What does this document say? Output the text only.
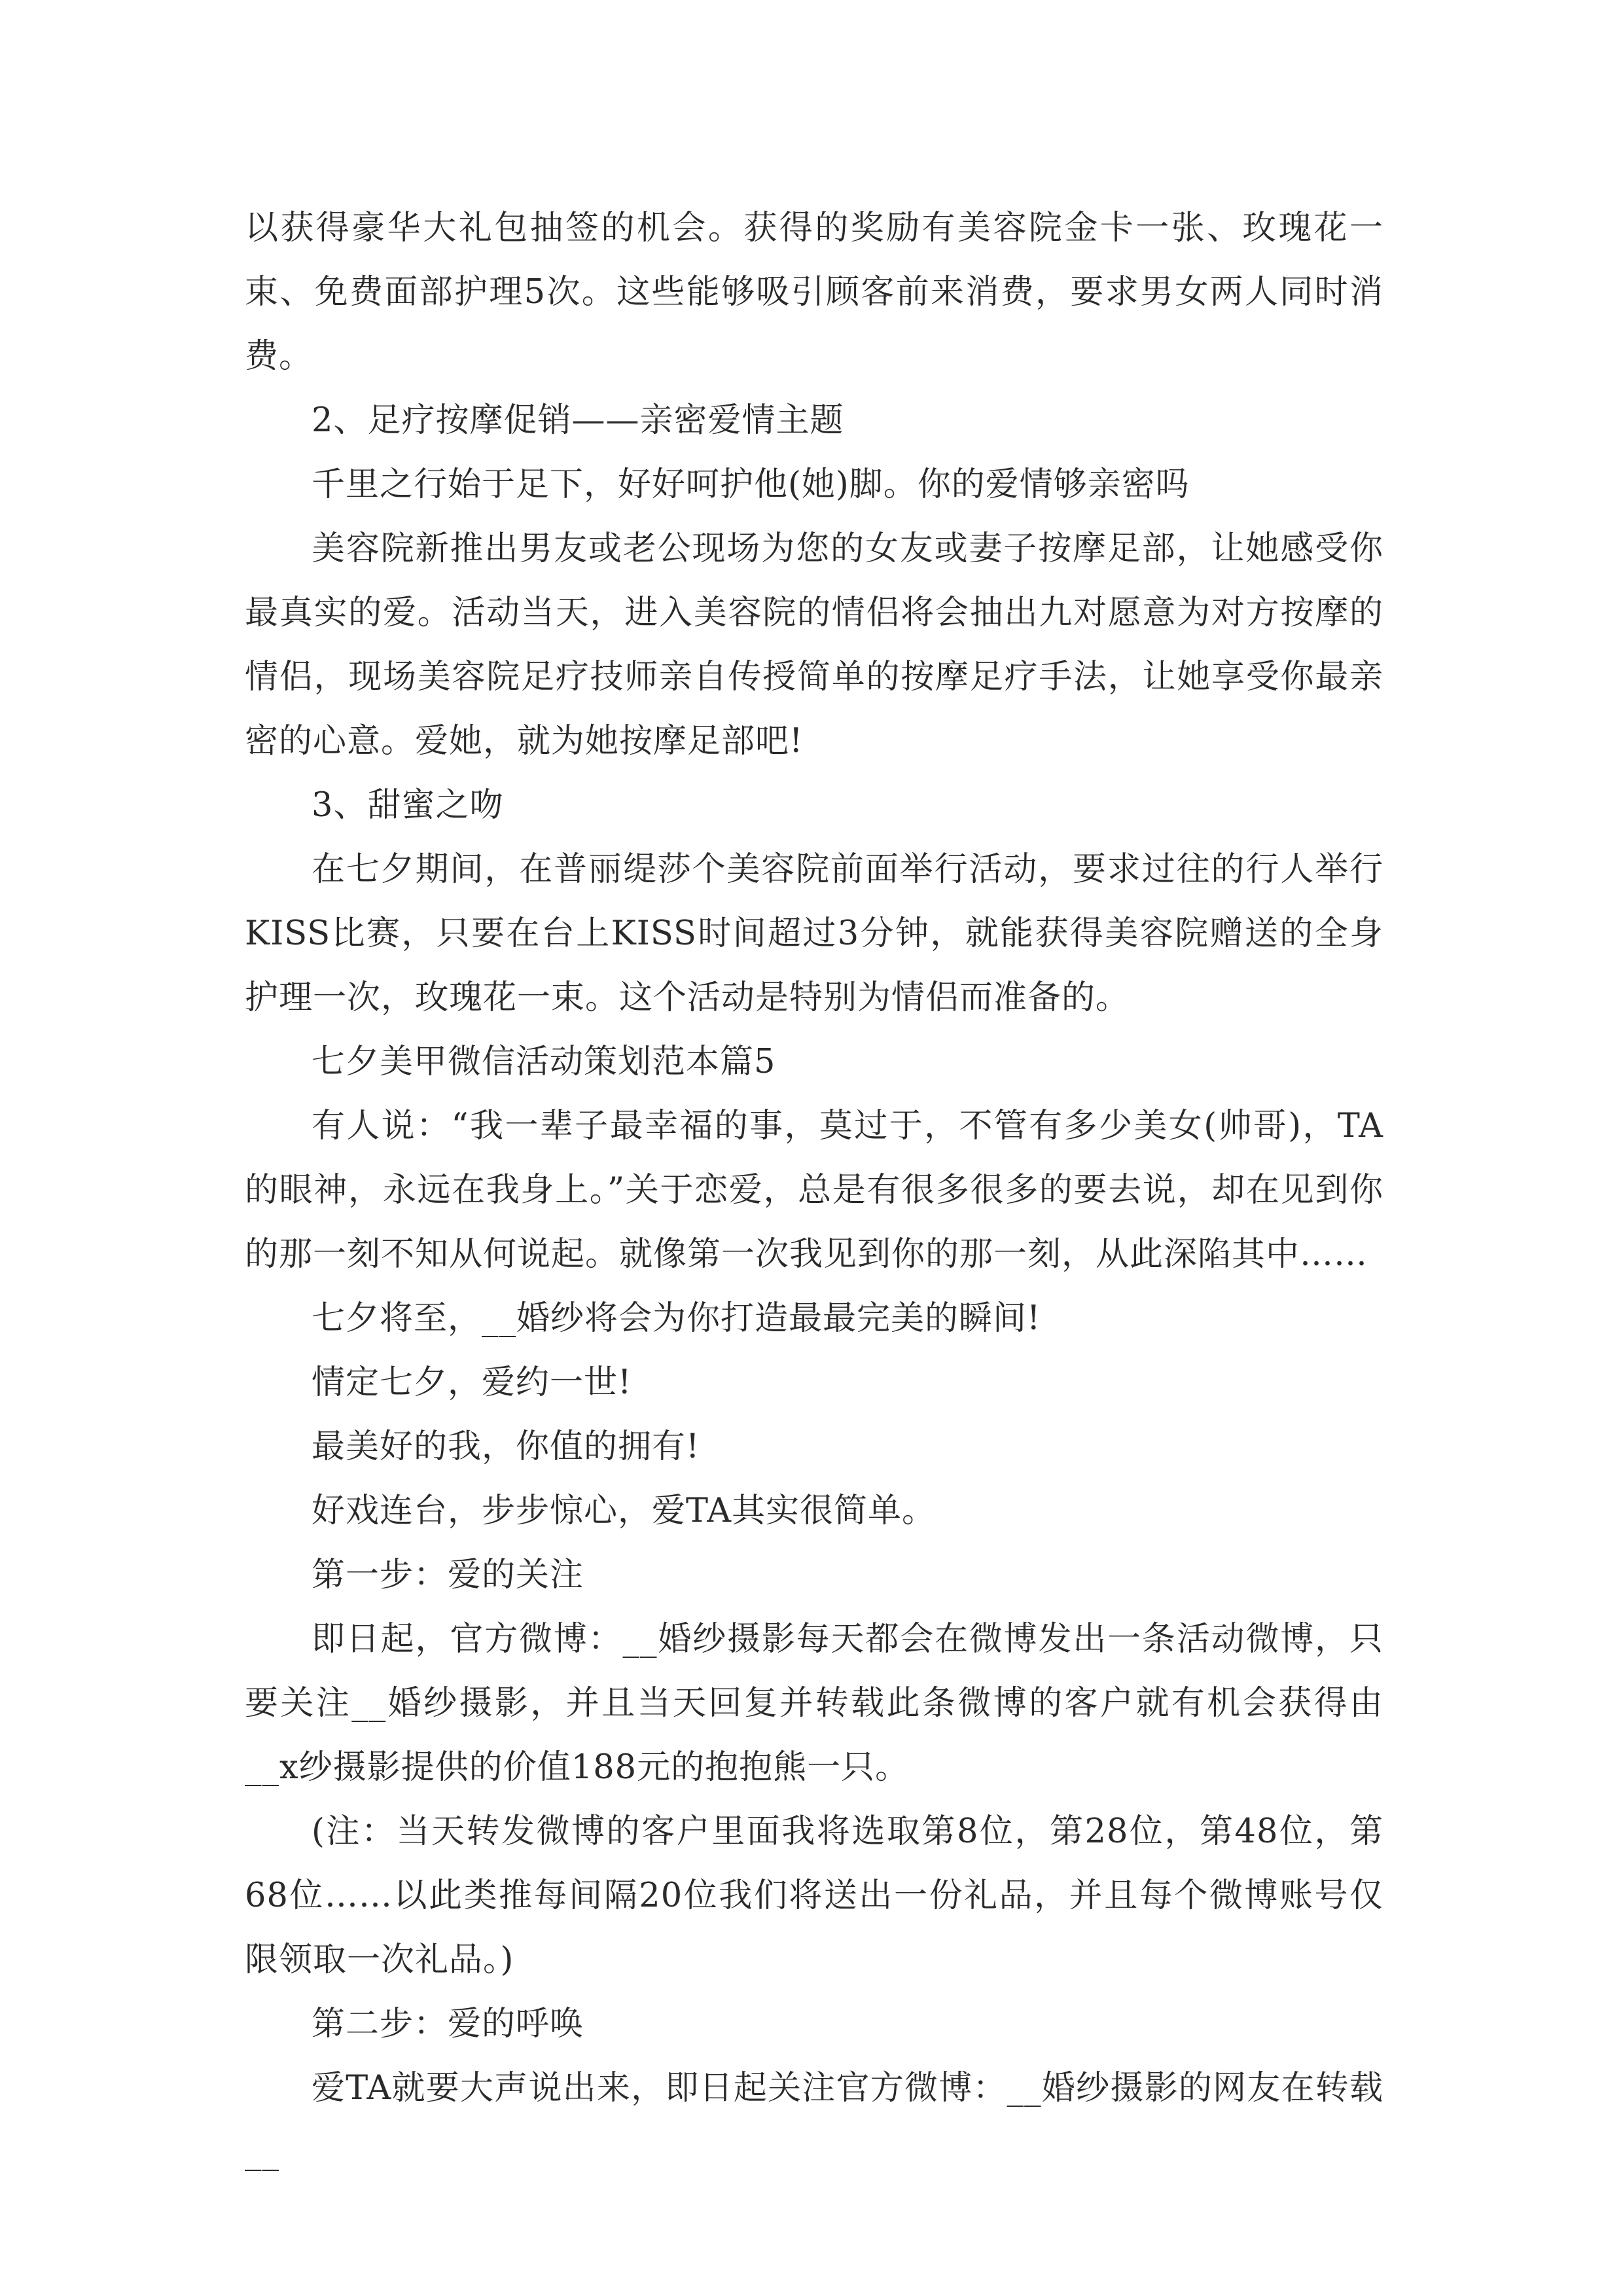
以获得豪华大礼包抽签的机会。获得的奖励有美容院金卡一张、玫瑰花一束、免费面部护理5次。这些能够吸引顾客前来消费，要求男女两人同时消费。

2、足疗按摩促销——亲密爱情主题

千里之行始于足下，好好呵护他(她)脚。你的爱情够亲密吗

美容院新推出男友或老公现场为您的女友或妻子按摩足部，让她感受你最真实的爱。活动当天，进入美容院的情侣将会抽出九对愿意为对方按摩的情侣，现场美容院足疗技师亲自传授简单的按摩足疗手法，让她享受你最亲密的心意。爱她，就为她按摩足部吧!

3、甜蜜之吻

在七夕期间，在普丽缇莎个美容院前面举行活动，要求过往的行人举行KISS比赛，只要在台上KISS时间超过3分钟，就能获得美容院赠送的全身护理一次，玫瑰花一束。这个活动是特别为情侣而准备的。

七夕美甲微信活动策划范本篇5

有人说：“我一辈子最幸福的事，莫过于，不管有多少美女(帅哥)，TA的眼神，永远在我身上。”关于恋爱，总是有很多很多的要去说，却在见到你的那一刻不知从何说起。就像第一次我见到你的那一刻，从此深陷其中……

七夕将至，__婚纱将会为你打造最最完美的瞬间!

情定七夕，爱约一世!

最美好的我，你值的拥有!

好戏连台，步步惊心，爱TA其实很简单。

第一步：爱的关注

即日起，官方微博：__婚纱摄影每天都会在微博发出一条活动微博，只要关注__婚纱摄影，并且当天回复并转载此条微博的客户就有机会获得由__x纱摄影提供的价值188元的抱抱熊一只。

(注：当天转发微博的客户里面我将选取第8位，第28位，第48位，第68位……以此类推每间隔20位我们将送出一份礼品，并且每个微博账号仅限领取一次礼品。)

第二步：爱的呼唤

爱TA就要大声说出来，即日起关注官方微博：__婚纱摄影的网友在转载__
